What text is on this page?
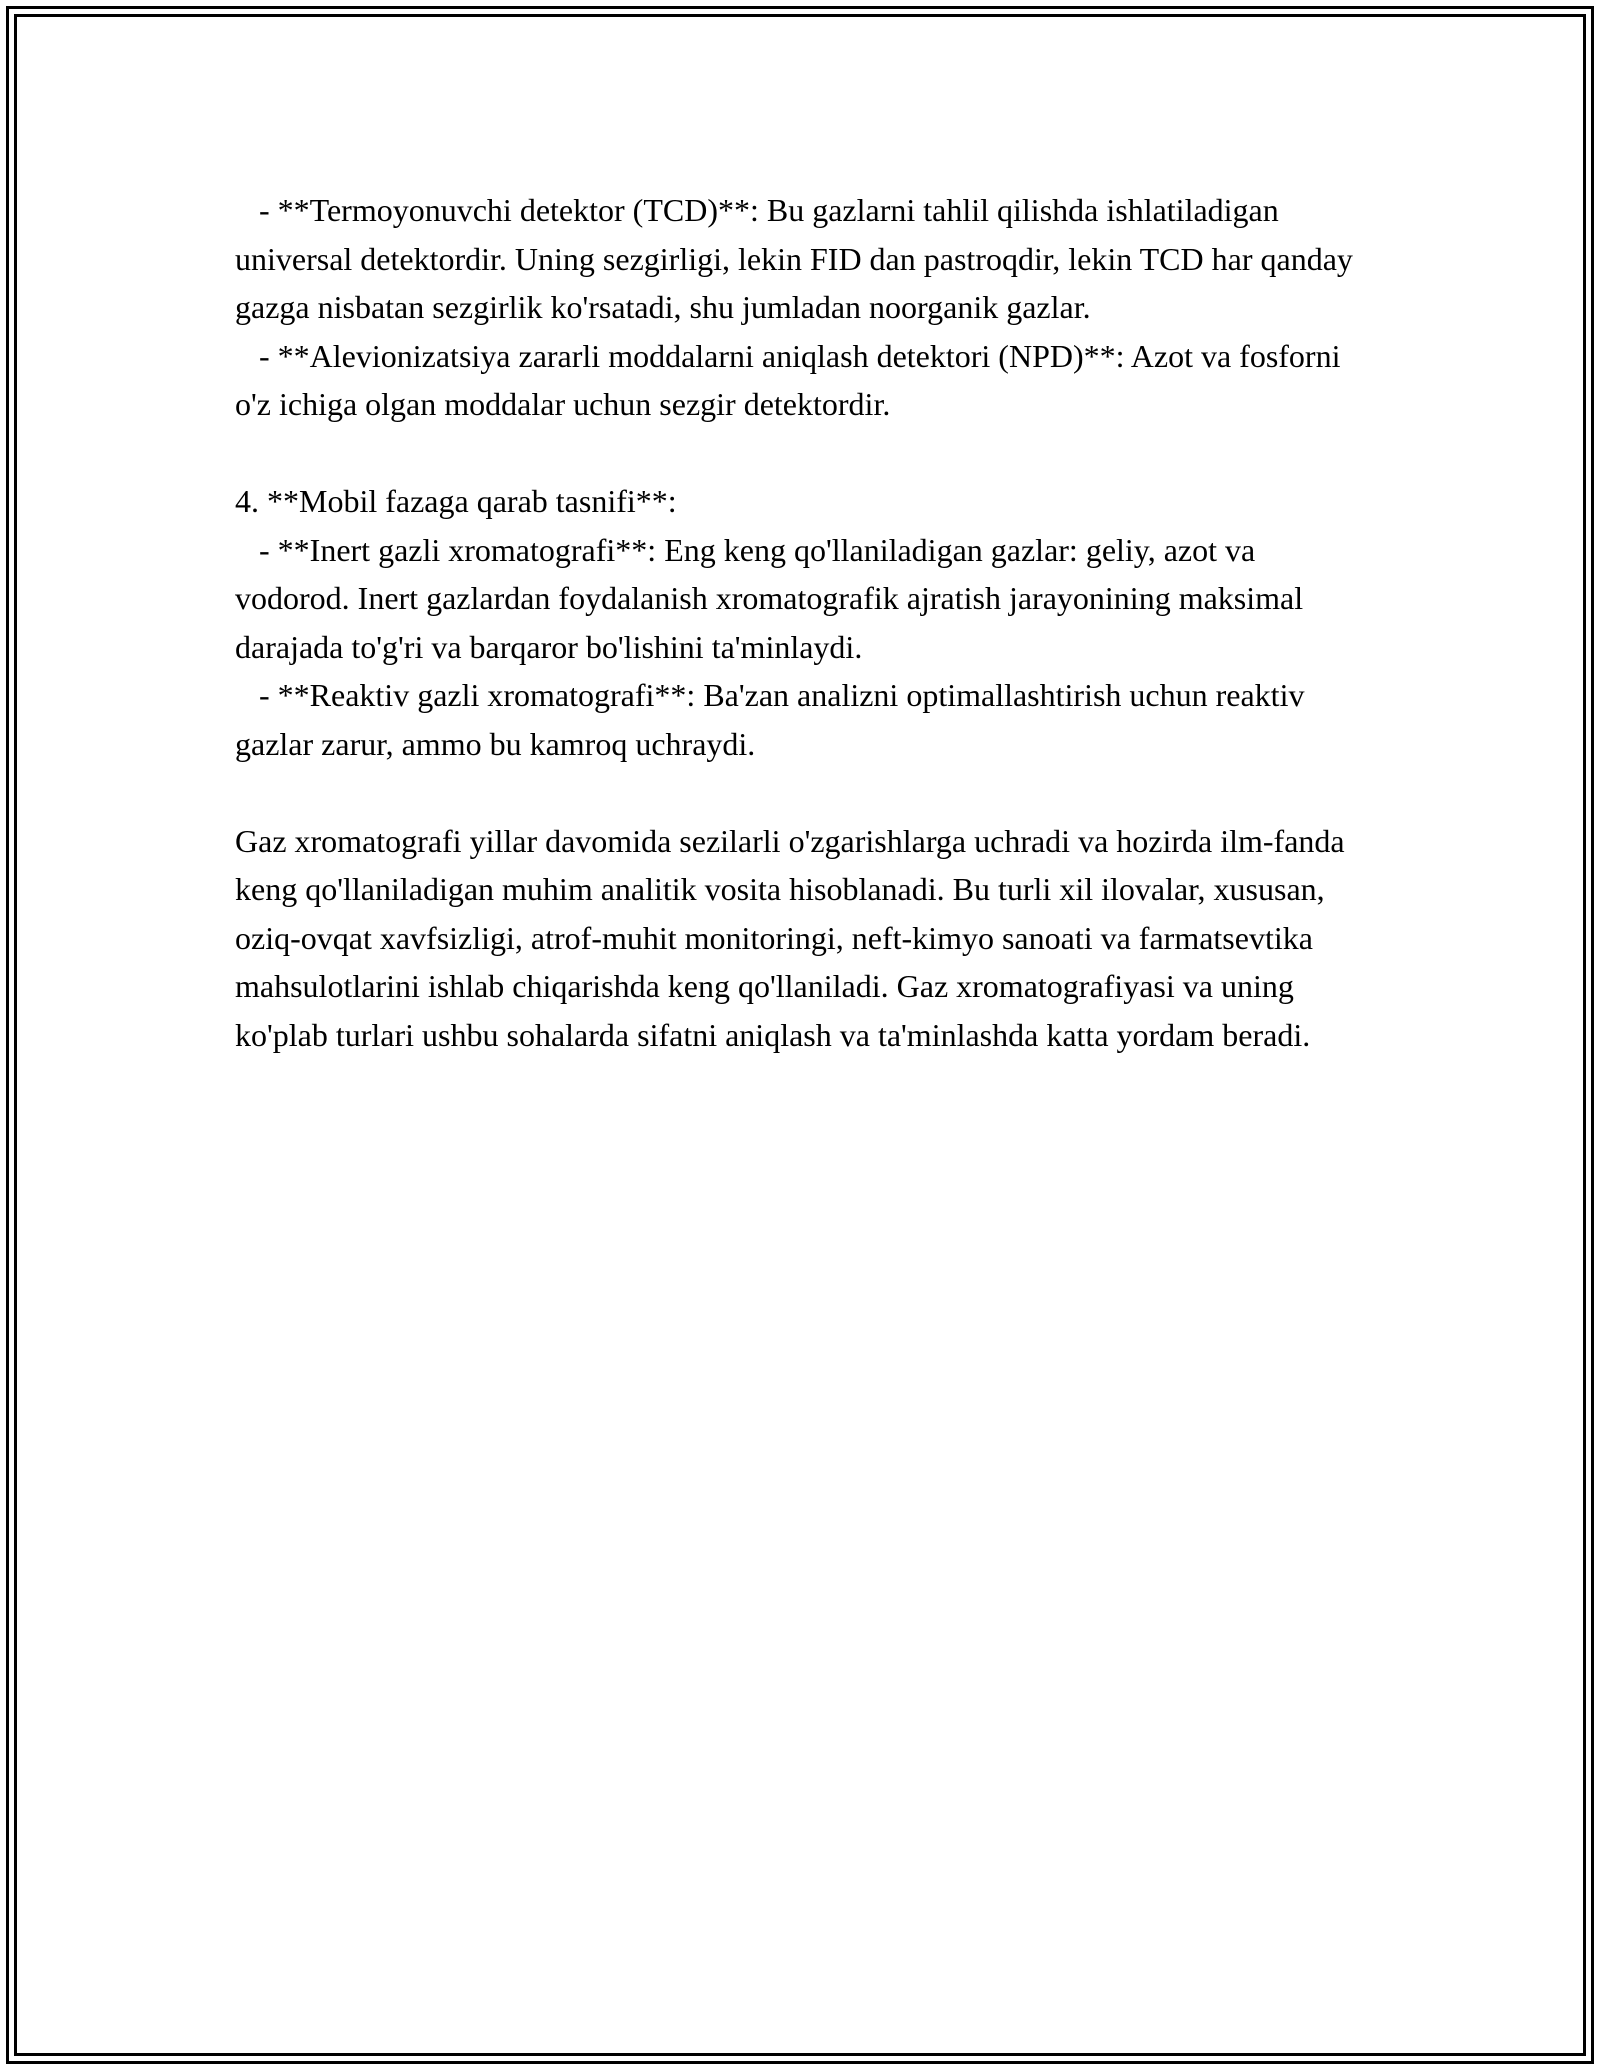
- **Termoyonuvchi detektor (TCD)**: Bu gazlarni tahlil qilishda ishlatiladigan universal detektordir. Uning sezgirligi, lekin FID dan pastroqdir, lekin TCD har qanday gazga nisbatan sezgirlik ko'rsatadi, shu jumladan noorganik gazlar.

- **Alevionizatsiya zararli moddalarni aniqlash detektori (NPD)**: Azot va fosforni o'z ichiga olgan moddalar uchun sezgir detektordir.

4. **Mobil fazaga qarab tasnifi**:

- **Inert gazli xromatografi**: Eng keng qo'llaniladigan gazlar: geliy, azot va vodorod. Inert gazlardan foydalanish xromatografik ajratish jarayonining maksimal darajada to'g'ri va barqaror bo'lishini ta'minlaydi.

- **Reaktiv gazli xromatografi**: Ba'zan analizni optimallashtirish uchun reaktiv gazlar zarur, ammo bu kamroq uchraydi.

Gaz xromatografi yillar davomida sezilarli o'zgarishlarga uchradi va hozirda ilm-fanda keng qo'llaniladigan muhim analitik vosita hisoblanadi. Bu turli xil ilovalar, xususan, oziq-ovqat xavfsizligi, atrof-muhit monitoringi, neft-kimyo sanoati va farmatsevtika mahsulotlarini ishlab chiqarishda keng qo'llaniladi. Gaz xromatografiyasi va uning ko'plab turlari ushbu sohalarda sifatni aniqlash va ta'minlashda katta yordam beradi.
